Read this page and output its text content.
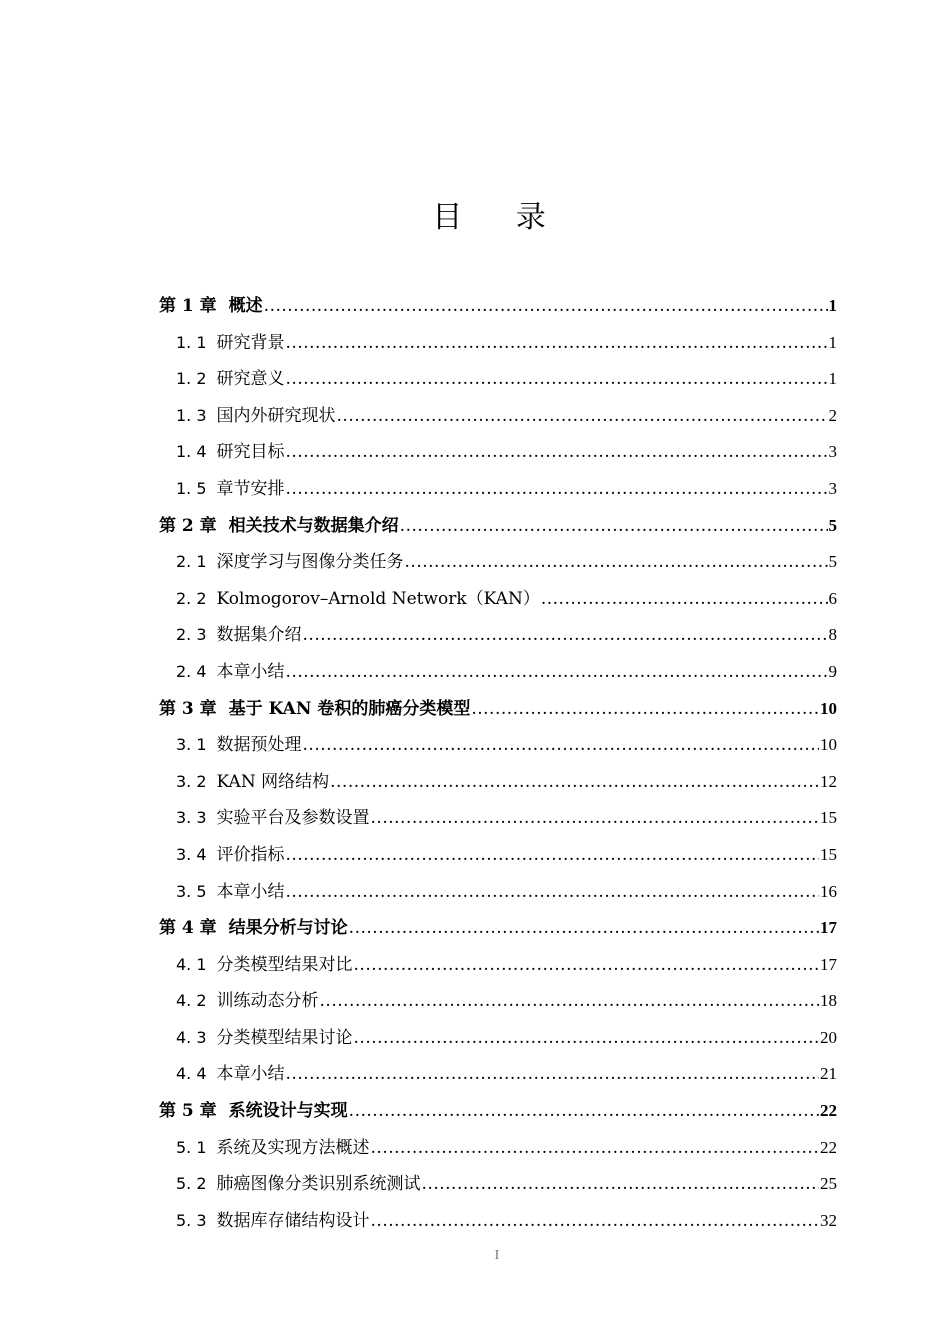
目 录
第 1 章 概述 .....	1
1. 1 研究背景 .....	1
1. 2 研究意义 .....	1
1. 3 国内外研究现状 .....	2
1. 4 研究目标 .....	3
1. 5 章节安排 .....	3
第 2 章 相关技术与数据集介绍 .....	5
2. 1 深度学习与图像分类任务 .....	5
2. 2 Kolmogorov–Arnold Network（KAN） .....	6
2. 3 数据集介绍 .....	8
2. 4 本章小结 .....	9
第 3 章 基于 KAN 卷积的肺癌分类模型 .....	10
3. 1 数据预处理 .....	10
3. 2 KAN 网络结构 .....	12
3. 3 实验平台及参数设置 .....	15
3. 4 评价指标 .....	15
3. 5 本章小结 .....	16
第 4 章 结果分析与讨论 .....	17
4. 1 分类模型结果对比 .....	17
4. 2 训练动态分析 .....	18
4. 3 分类模型结果讨论 .....	20
4. 4 本章小结 .....	21
第 5 章 系统设计与实现 .....	22
5. 1 系统及实现方法概述 .....	22
5. 2 肺癌图像分类识别系统测试 .....	25
5. 3 数据库存储结构设计 .....	32
I
